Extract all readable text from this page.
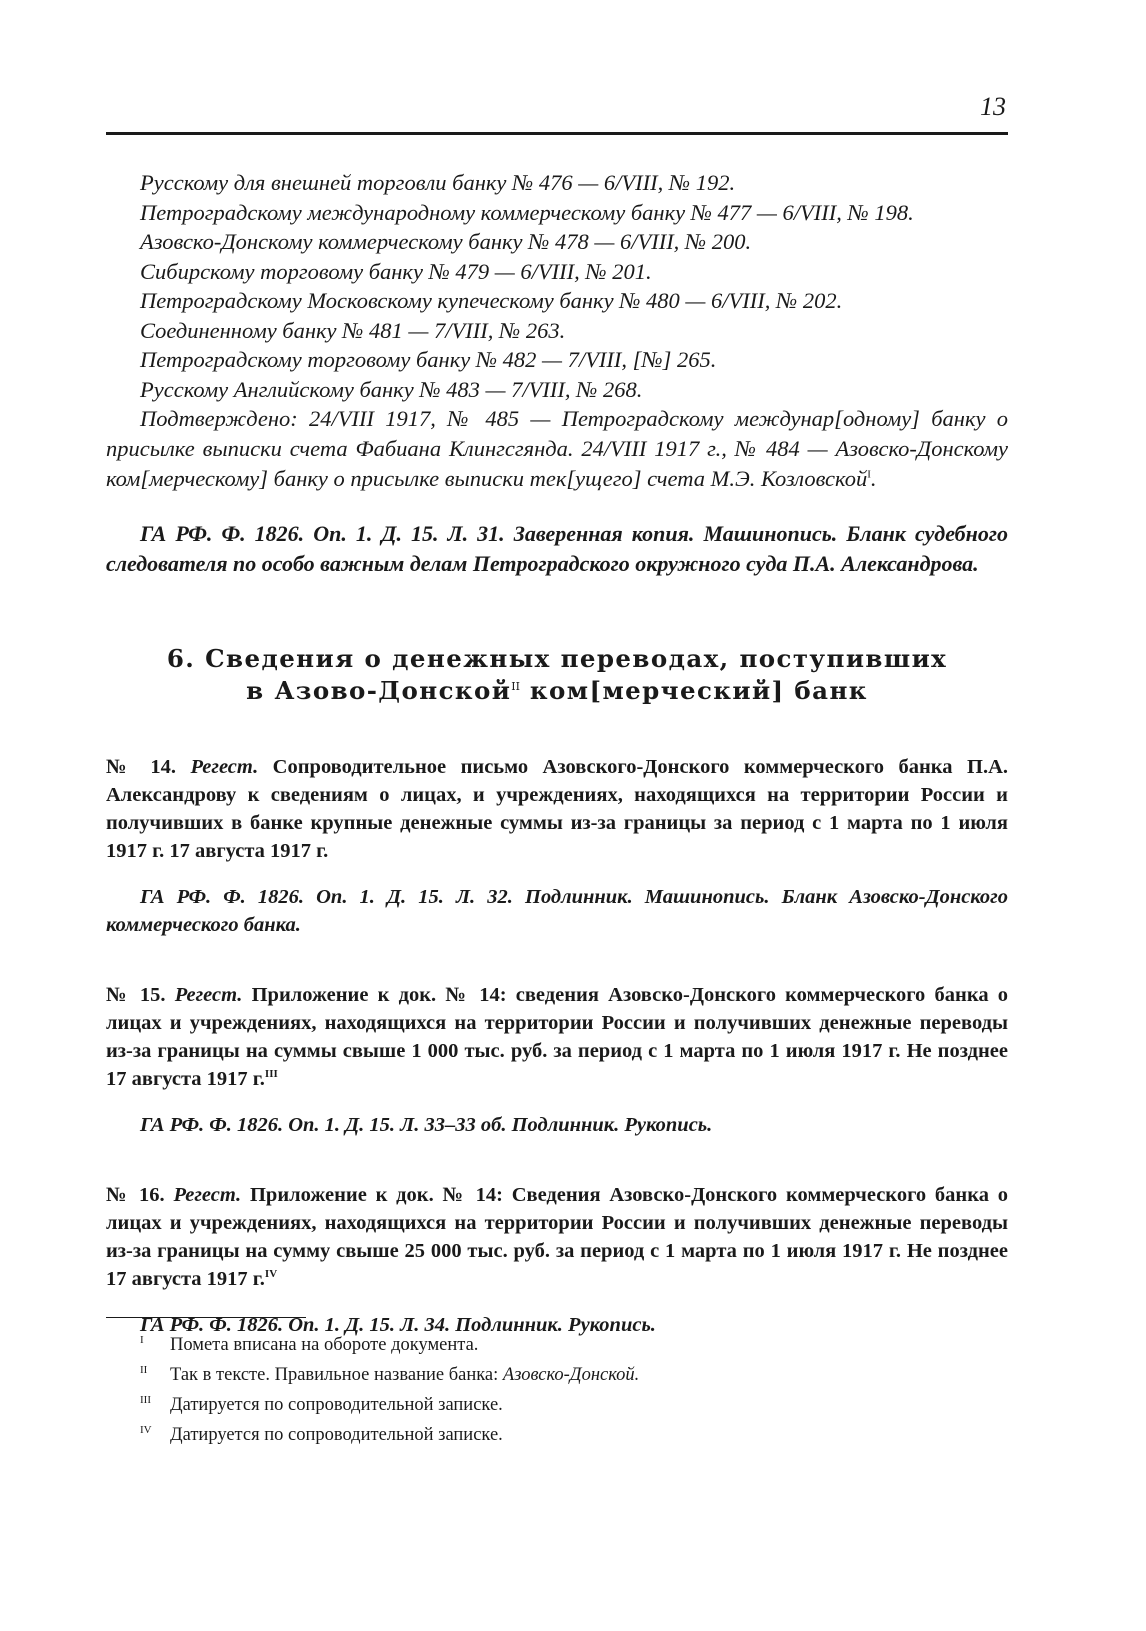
13

Русскому для внешней торговли банку № 476 — 6/VIII, № 192.

Петроградскому международному коммерческому банку № 477 — 6/VIII, № 198.

Азовско-Донскому коммерческому банку № 478 — 6/VIII, № 200.

Сибирскому торговому банку № 479 — 6/VIII, № 201.

Петроградскому Московскому купеческому банку № 480 — 6/VIII, № 202.

Соединенному банку № 481 — 7/VIII, № 263.

Петроградскому торговому банку № 482 — 7/VIII, [№] 265.

Русскому Английскому банку № 483 — 7/VIII, № 268.

Подтверждено: 24/VIII 1917, № 485 — Петроградскому междунар[одному] банку о присылке выписки счета Фабиана Клингсгяндa. 24/VIII 1917 г., № 484 — Азовско-Донскому ком[мерческому] банку о присылке выписки тек[ущего] счета М.Э. Козловской$^I$.

ГА РФ. Ф. 1826. Оп. 1. Д. 15. Л. 31. Заверенная копия. Машинопись. Бланк судебного следователя по особо важным делам Петроградского окружного суда П.А. Александрова.

6. Сведения о денежных переводах, поступивших
в Азово-Донской$^{II}$ ком[мерческий] банк

№ 14. Регест. Сопроводительное письмо Азовского-Донского коммерческого банка П.А. Александрову к сведениям о лицах, и учреждениях, находящихся на территории России и получивших в банке крупные денежные суммы из-за границы за период с 1 марта по 1 июля 1917 г. 17 августа 1917 г.

ГА РФ. Ф. 1826. Оп. 1. Д. 15. Л. 32. Подлинник. Машинопись. Бланк Азовско-Донского коммерческого банка.

№ 15. Регест. Приложение к док. № 14: сведения Азовско-Донского коммерческого банка о лицах и учреждениях, находящихся на территории России и получивших денежные переводы из-за границы на суммы свыше 1 000 тыс. руб. за период с 1 марта по 1 июля 1917 г. Не позднее 17 августа 1917 г.$^{III}$

ГА РФ. Ф. 1826. Оп. 1. Д. 15. Л. 33–33 об. Подлинник. Рукопись.

№ 16. Регест. Приложение к док. № 14: Сведения Азовско-Донского коммерческого банка о лицах и учреждениях, находящихся на территории России и получивших денежные переводы из-за границы на сумму свыше 25 000 тыс. руб. за период с 1 марта по 1 июля 1917 г. Не позднее 17 августа 1917 г.$^{IV}$

ГА РФ. Ф. 1826. Оп. 1. Д. 15. Л. 34. Подлинник. Рукопись.

I Помета вписана на обороте документа.

II Так в тексте. Правильное название банка: Азовско-Донской.

III Датируется по сопроводительной записке.

IV Датируется по сопроводительной записке.
